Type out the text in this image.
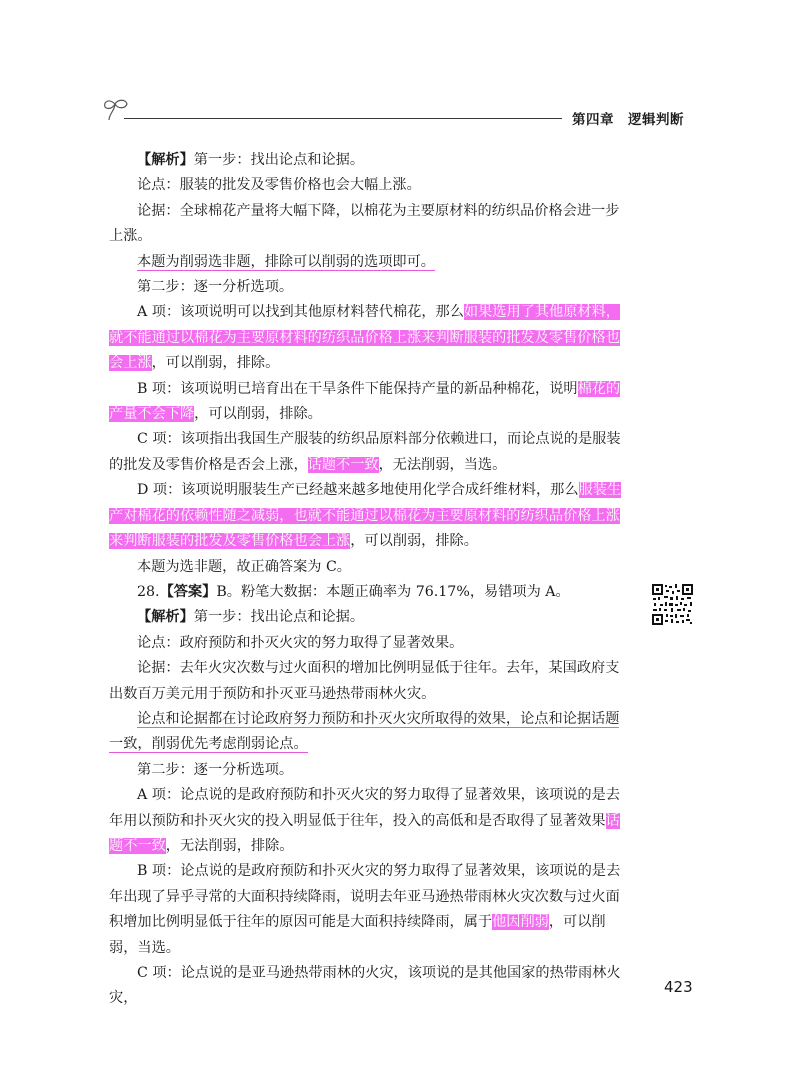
第四章　逻辑判断

【解析】第一步：找出论点和论据。

论点：服装的批发及零售价格也会大幅上涨。

论据：全球棉花产量将大幅下降，以棉花为主要原材料的纺织品价格会进一步上涨。

本题为削弱选非题，排除可以削弱的选项即可。

第二步：逐一分析选项。

A 项：该项说明可以找到其他原材料替代棉花，那么如果选用了其他原材料，就不能通过以棉花为主要原材料的纺织品价格上涨来判断服装的批发及零售价格也会上涨，可以削弱，排除。

B 项：该项说明已培育出在干旱条件下能保持产量的新品种棉花，说明棉花的产量不会下降，可以削弱，排除。

C 项：该项指出我国生产服装的纺织品原料部分依赖进口，而论点说的是服装的批发及零售价格是否会上涨，话题不一致，无法削弱，当选。

D 项：该项说明服装生产已经越来越多地使用化学合成纤维材料，那么服装生产对棉花的依赖性随之减弱，也就不能通过以棉花为主要原材料的纺织品价格上涨来判断服装的批发及零售价格也会上涨，可以削弱，排除。

本题为选非题，故正确答案为 C。

28.【答案】B。粉笔大数据：本题正确率为 76.17%，易错项为 A。

【解析】第一步：找出论点和论据。

论点：政府预防和扑灭火灾的努力取得了显著效果。

论据：去年火灾次数与过火面积的增加比例明显低于往年。去年，某国政府支出数百万美元用于预防和扑灭亚马逊热带雨林火灾。

论点和论据都在讨论政府努力预防和扑灭火灾所取得的效果，论点和论据话题一致，削弱优先考虑削弱论点。

第二步：逐一分析选项。

A 项：论点说的是政府预防和扑灭火灾的努力取得了显著效果，该项说的是去年用以预防和扑灭火灾的投入明显低于往年，投入的高低和是否取得了显著效果话题不一致，无法削弱，排除。

B 项：论点说的是政府预防和扑灭火灾的努力取得了显著效果，该项说的是去年出现了异乎寻常的大面积持续降雨，说明去年亚马逊热带雨林火灾次数与过火面积增加比例明显低于往年的原因可能是大面积持续降雨，属于他因削弱，可以削弱，当选。

C 项：论点说的是亚马逊热带雨林的火灾，该项说的是其他国家的热带雨林火灾，

423
